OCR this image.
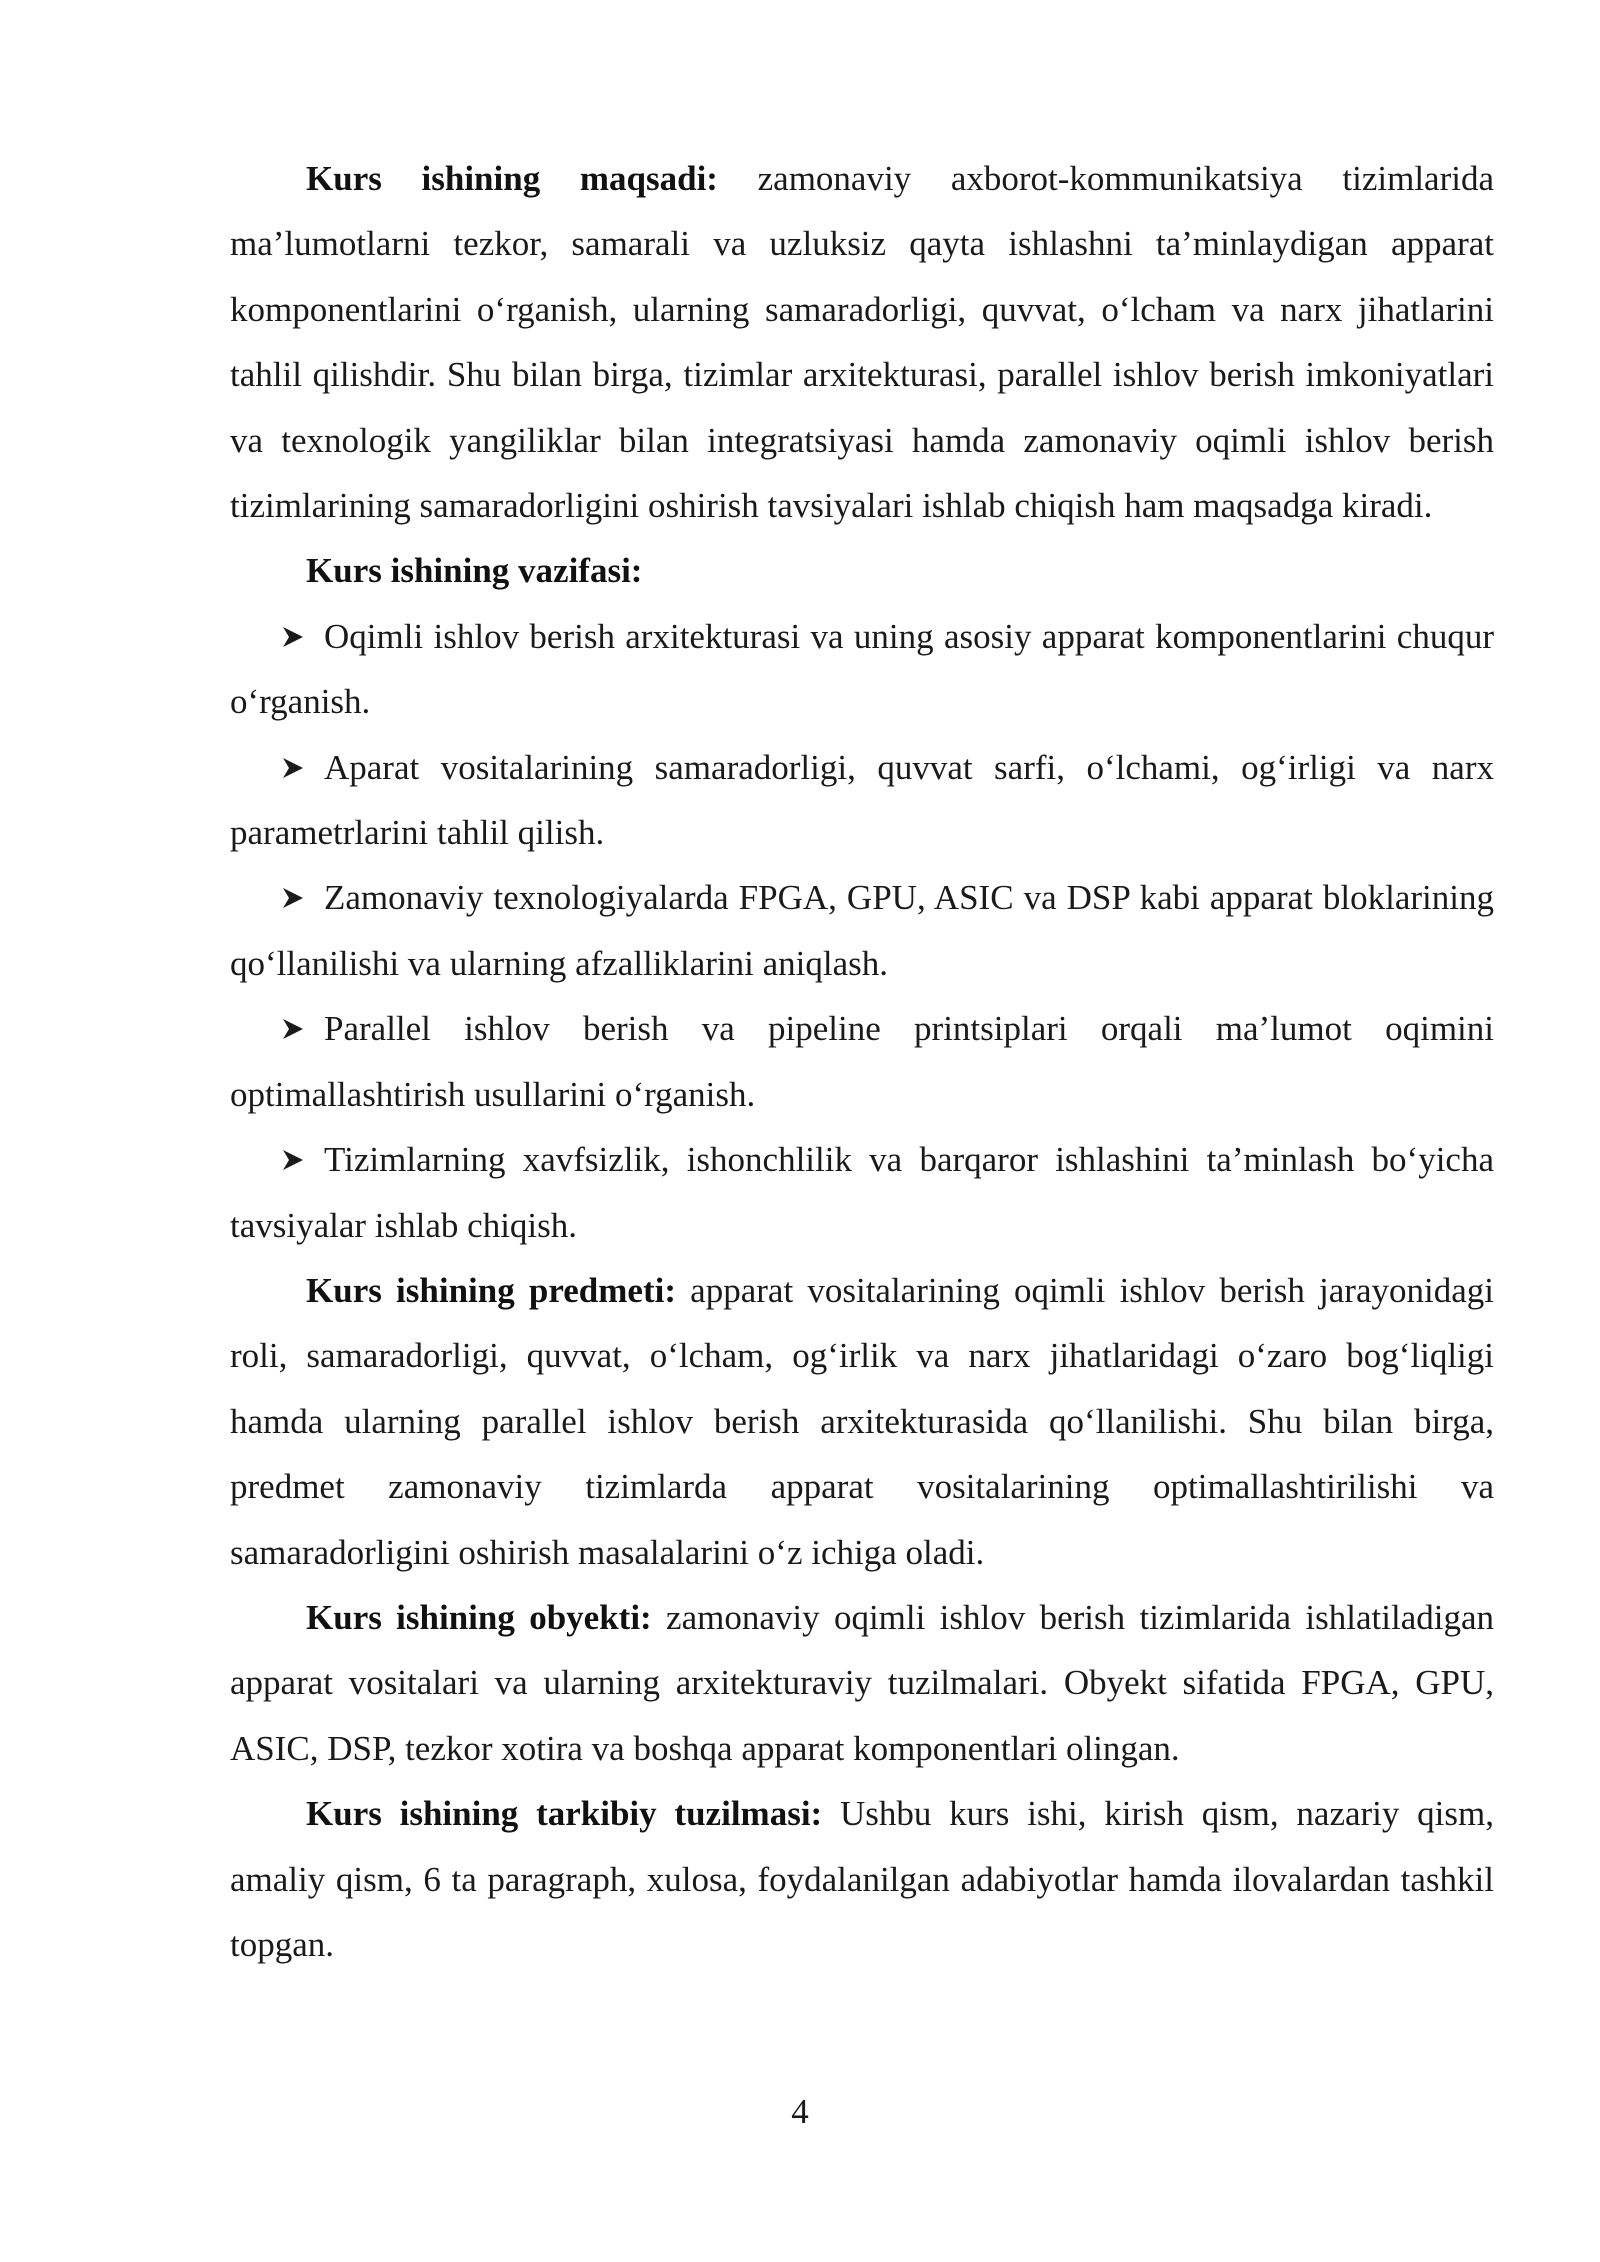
Kurs ishining maqsadi: zamonaviy axborot-kommunikatsiya tizimlarida ma’lumotlarni tezkor, samarali va uzluksiz qayta ishlashni ta’minlaydigan apparat komponentlarini o‘rganish, ularning samaradorligi, quvvat, o‘lcham va narx jihatlarini tahlil qilishdir. Shu bilan birga, tizimlar arxitekturasi, parallel ishlov berish imkoniyatlari va texnologik yangiliklar bilan integratsiyasi hamda zamonaviy oqimli ishlov berish tizimlarining samaradorligini oshirish tavsiyalari ishlab chiqish ham maqsadga kiradi.

Kurs ishining vazifasi:

Oqimli ishlov berish arxitekturasi va uning asosiy apparat komponentlarini chuqur o‘rganish.

Aparat vositalarining samaradorligi, quvvat sarfi, o‘lchami, og‘irligi va narx parametrlarini tahlil qilish.

Zamonaviy texnologiyalarda FPGA, GPU, ASIC va DSP kabi apparat bloklarining qo‘llanilishi va ularning afzalliklarini aniqlash.

Parallel ishlov berish va pipeline printsiplari orqali ma’lumot oqimini optimallashtirish usullarini o‘rganish.

Tizimlarning xavfsizlik, ishonchlilik va barqaror ishlashini ta’minlash bo‘yicha tavsiyalar ishlab chiqish.

Kurs ishining predmeti: apparat vositalarining oqimli ishlov berish jarayonidagi roli, samaradorligi, quvvat, o‘lcham, og‘irlik va narx jihatlaridagi o‘zaro bog‘liqligi hamda ularning parallel ishlov berish arxitekturasida qo‘llanilishi. Shu bilan birga, predmet zamonaviy tizimlarda apparat vositalarining optimallashtirilishi va samaradorligini oshirish masalalarini o‘z ichiga oladi.

Kurs ishining obyekti: zamonaviy oqimli ishlov berish tizimlarida ishlatiladigan apparat vositalari va ularning arxitekturaviy tuzilmalari. Obyekt sifatida FPGA, GPU, ASIC, DSP, tezkor xotira va boshqa apparat komponentlari olingan.

Kurs ishining tarkibiy tuzilmasi: Ushbu kurs ishi, kirish qism, nazariy qism, amaliy qism, 6 ta paragraph, xulosa, foydalanilgan adabiyotlar hamda ilovalardan tashkil topgan.

4
